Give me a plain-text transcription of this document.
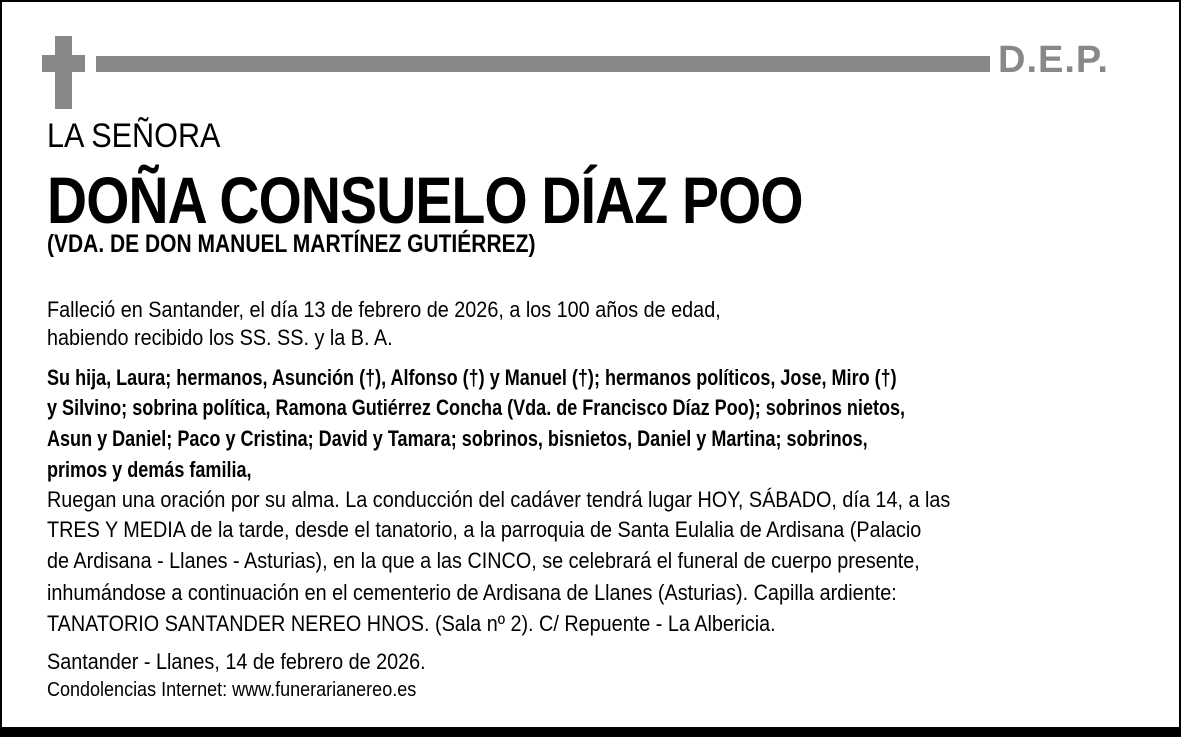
D.E.P.
LA SEÑORA
DOÑA CONSUELO DÍAZ POO
(VDA. DE DON MANUEL MARTÍNEZ GUTIÉRREZ)
Falleció en Santander, el día 13 de febrero de 2026, a los 100 años de edad,
habiendo recibido los SS. SS. y la B. A.
Su hija, Laura; hermanos, Asunción (†), Alfonso (†) y Manuel (†); hermanos políticos, Jose, Miro (†)
y Silvino; sobrina política, Ramona Gutiérrez Concha (Vda. de Francisco Díaz Poo); sobrinos nietos,
Asun y Daniel; Paco y Cristina; David y Tamara; sobrinos, bisnietos, Daniel y Martina; sobrinos,
primos y demás familia,
Ruegan una oración por su alma. La conducción del cadáver tendrá lugar HOY, SÁBADO, día 14, a las
TRES Y MEDIA de la tarde, desde el tanatorio, a la parroquia de Santa Eulalia de Ardisana (Palacio
de Ardisana - Llanes - Asturias), en la que a las CINCO, se celebrará el funeral de cuerpo presente,
inhumándose a continuación en el cementerio de Ardisana de Llanes (Asturias). Capilla ardiente:
TANATORIO SANTANDER NEREO HNOS. (Sala nº 2). C/ Repuente - La Albericia.
Santander - Llanes, 14 de febrero de 2026.
Condolencias Internet: www.funerarianereo.es
